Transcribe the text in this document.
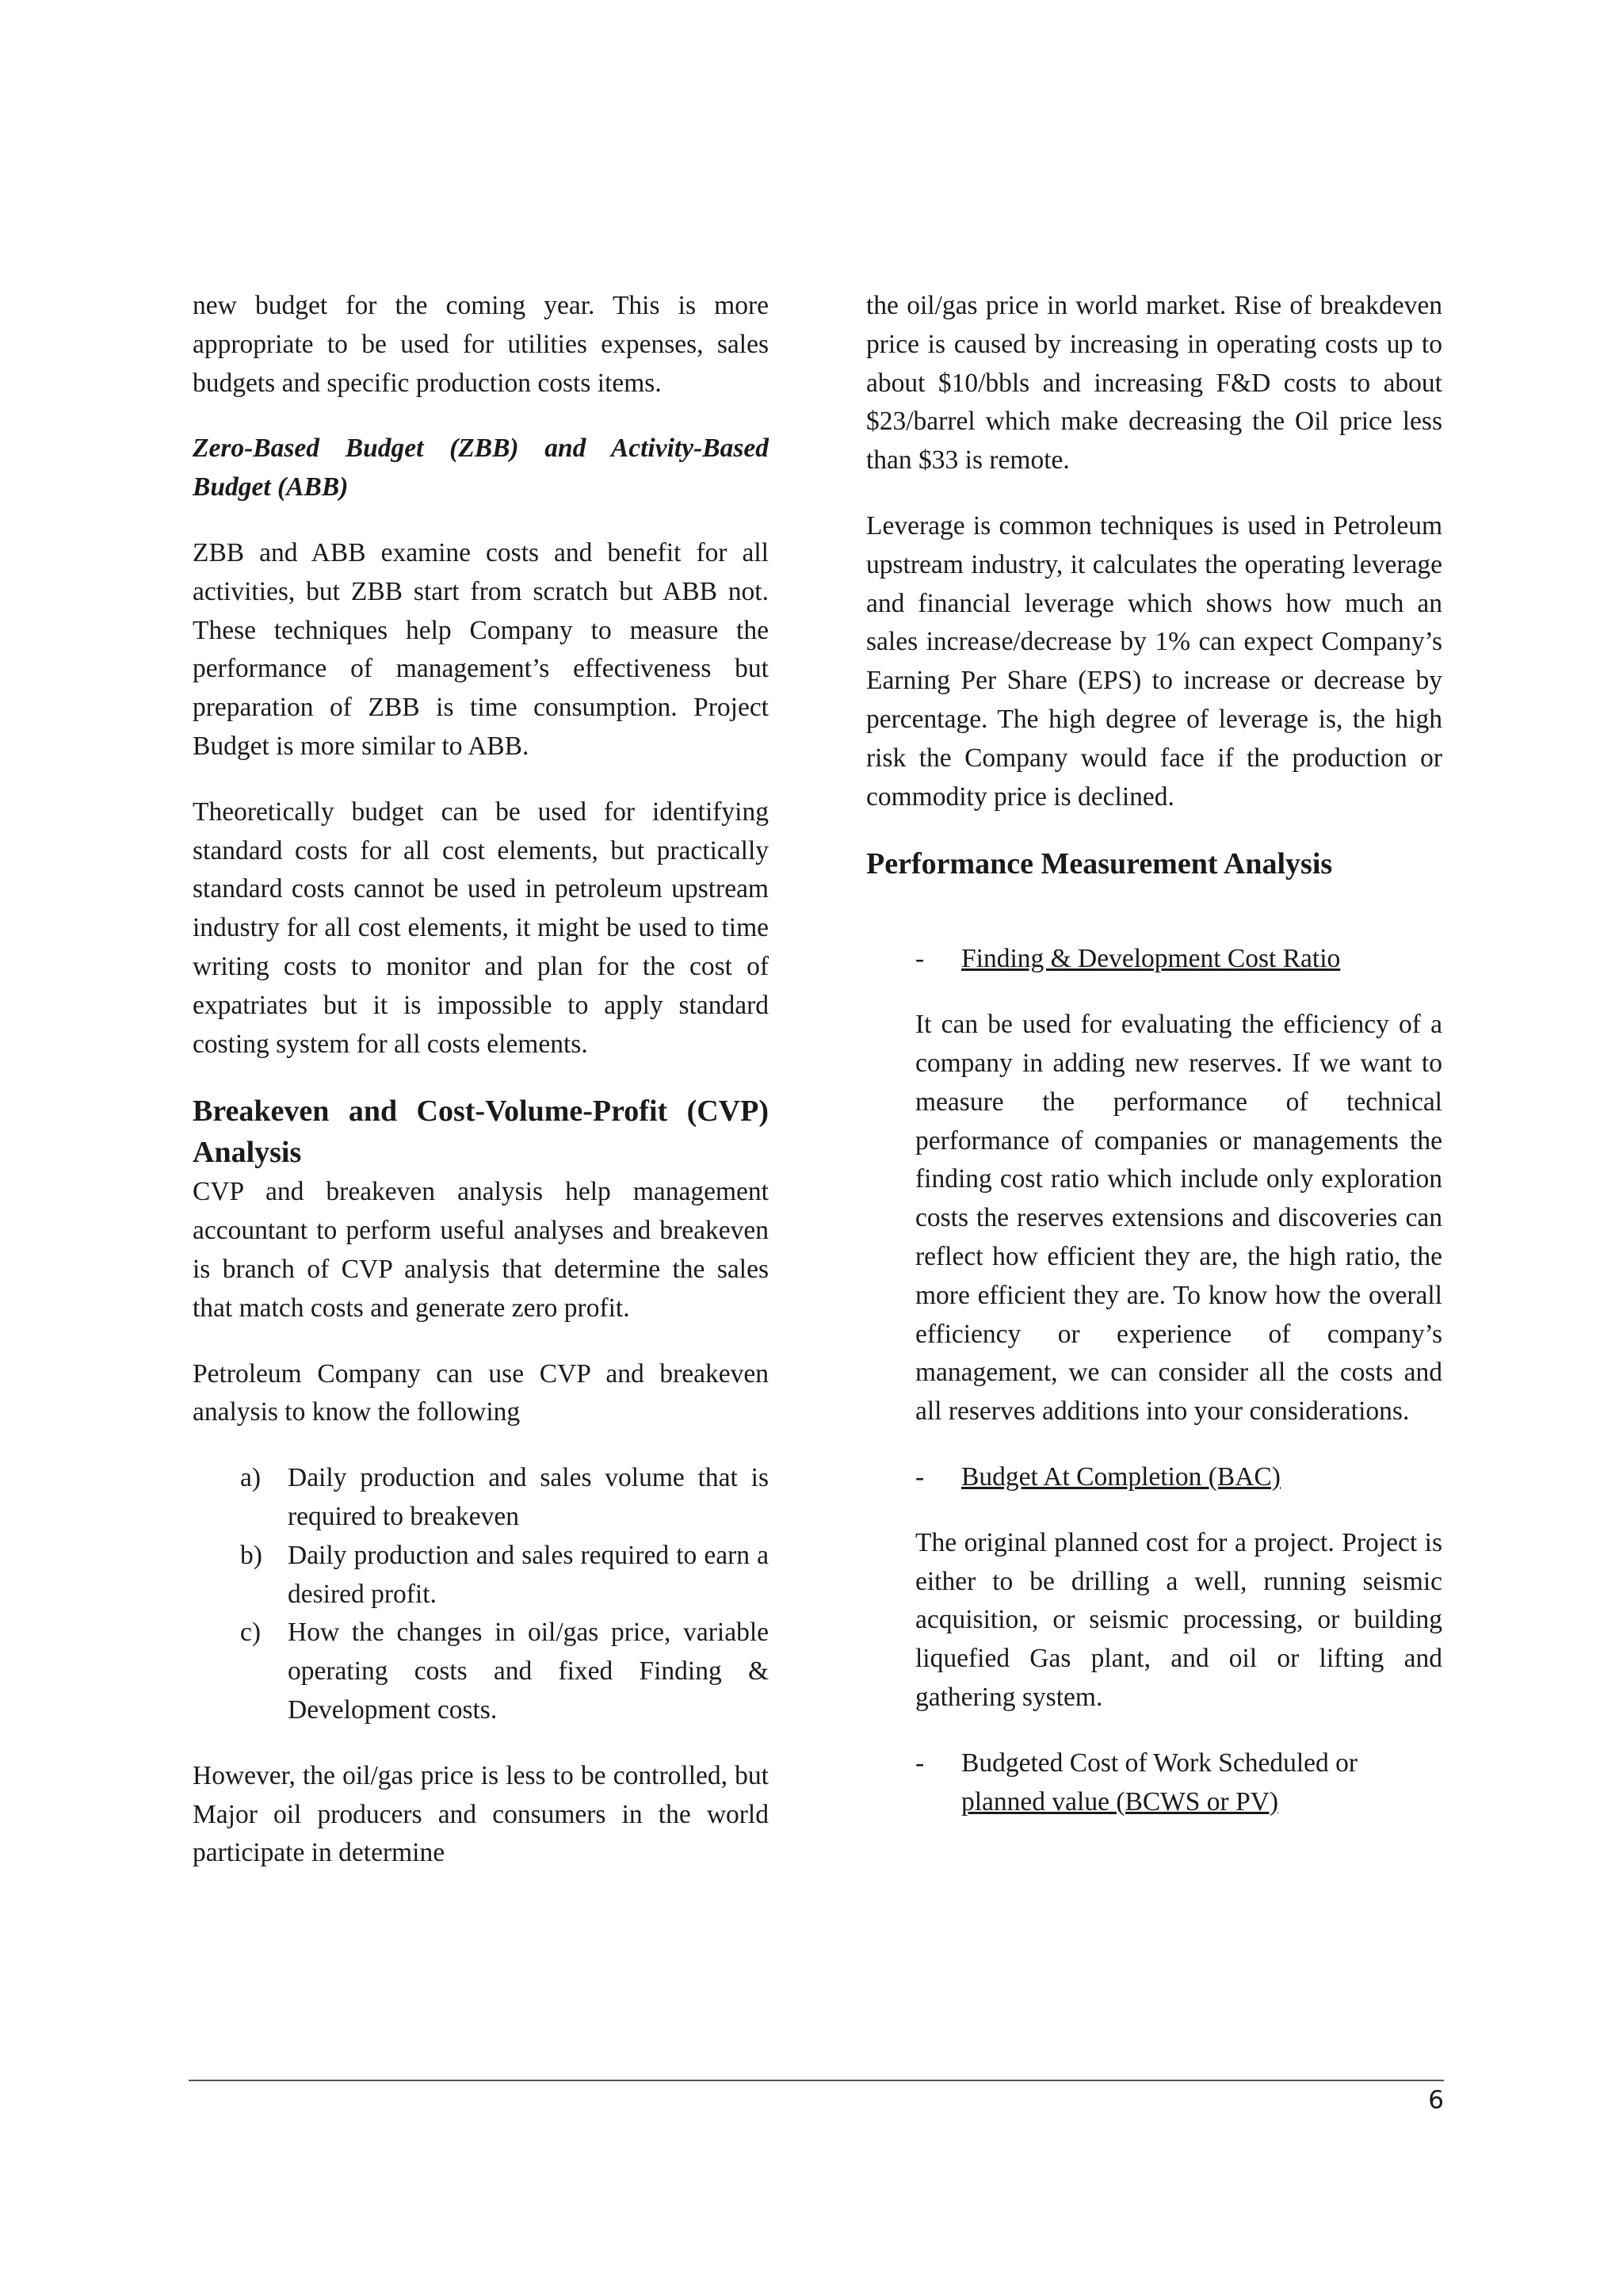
new budget for the coming year. This is more appropriate to be used for utilities expenses, sales budgets and specific production costs items.

Zero-Based Budget (ZBB) and Activity-Based Budget (ABB)

ZBB and ABB examine costs and benefit for all activities, but ZBB start from scratch but ABB not. These techniques help Company to measure the performance of management’s effectiveness but preparation of ZBB is time consumption. Project Budget is more similar to ABB.

Theoretically budget can be used for identifying standard costs for all cost elements, but practically standard costs cannot be used in petroleum upstream industry for all cost elements, it might be used to time writing costs to monitor and plan for the cost of expatriates but it is impossible to apply standard costing system for all costs elements.

Breakeven and Cost-Volume-Profit (CVP) Analysis

CVP and breakeven analysis help management accountant to perform useful analyses and breakeven is branch of CVP analysis that determine the sales that match costs and generate zero profit.

Petroleum Company can use CVP and breakeven analysis to know the following

a) Daily production and sales volume that is required to breakeven
b) Daily production and sales required to earn a desired profit.
c) How the changes in oil/gas price, variable operating costs and fixed Finding & Development costs.

However, the oil/gas price is less to be controlled, but Major oil producers and consumers in the world participate in determine

the oil/gas price in world market. Rise of breakdeven price is caused by increasing in operating costs up to about $10/bbls and increasing F&D costs to about $23/barrel which make decreasing the Oil price less than $33 is remote.

Leverage is common techniques is used in Petroleum upstream industry, it calculates the operating leverage and financial leverage which shows how much an sales increase/decrease by 1% can expect Company’s Earning Per Share (EPS) to increase or decrease by percentage. The high degree of leverage is, the high risk the Company would face if the production or commodity price is declined.

Performance Measurement Analysis
- Finding & Development Cost Ratio

It can be used for evaluating the efficiency of a company in adding new reserves. If we want to measure the performance of technical performance of companies or managements the finding cost ratio which include only exploration costs the reserves extensions and discoveries can reflect how efficient they are, the high ratio, the more efficient they are. To know how the overall efficiency or experience of company’s management, we can consider all the costs and all reserves additions into your considerations.

- Budget At Completion (BAC)

The original planned cost for a project. Project is either to be drilling a well, running seismic acquisition, or seismic processing, or building liquefied Gas plant, and oil or lifting and gathering system.

- Budgeted Cost of Work Scheduled or
planned value (BCWS or PV)
6
